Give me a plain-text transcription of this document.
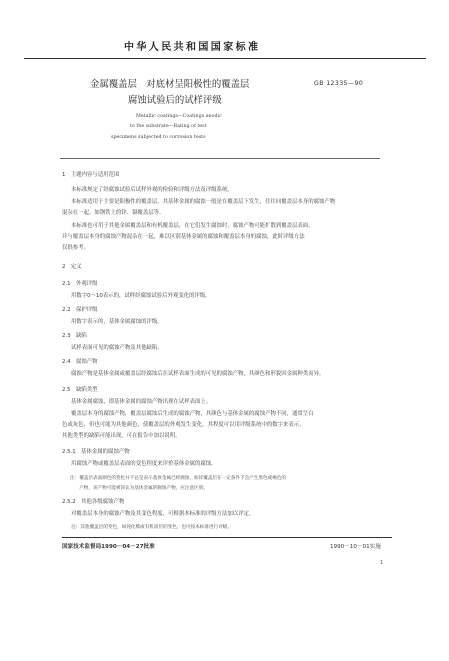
中华人民共和国国家标准
金属覆盖层　对底材呈阳极性的覆盖层
腐蚀试验后的试样评级
GB 12335—90
Metallic coatings—Coatings anodic
to the substrate—Rating of test
specimens subjected to corrosion tests
1　主题内容与适用范围
本标准规定了经腐蚀试验后试样外观的检验和评级方法及评级系统。
本标准适用于主要是阳极性的覆盖层，其基体金属的腐蚀一般是在覆盖层下发生，往往同覆盖层本身的腐蚀产物
混杂在一起，如钢铁上的锌、镉覆盖层等。
本标准也可用于其他金属覆盖层和有机覆盖层，在它们发生腐蚀时，腐蚀产物可能扩散到覆盖层表面，
并与覆盖层本身的腐蚀产物混杂在一起，难以区别基体金属的腐蚀和覆盖层本身的腐蚀，此时评级方法
仅供参考。
2　定义
2.1　外观评级
用数字0～10表示的，试样经腐蚀试验后外观变化的评级。
2.2　保护评级
用数字表示的，基体金属腐蚀的评级。
2.3　缺陷
试样表面可见的腐蚀产物及其他缺陷。
2.4　腐蚀产物
腐蚀产物是基体金属或覆盖层经腐蚀后在试样表面生成的可见的腐蚀产物，其颜色和形貌因金属种类而异。
2.5　缺陷类型
基体金属腐蚀，即基体金属的腐蚀产物出现在试样表面上。
覆盖层本身的腐蚀产物，覆盖层腐蚀后生成的腐蚀产物，其颜色与基体金属的腐蚀产物不同，通常呈白
色或灰色，但也可能为其他颜色，使覆盖层的外观发生变化，其程度可以用评级系统中的数字来表示。
其他类型的缺陷可能出现，可在报告中加以说明。
2.5.1　基体金属的腐蚀产物
用腐蚀产物或覆盖层表面的变色程度来评价基体金属的腐蚀。
注：覆盖层表面颜色的变化并不总是表示基体金属已经腐蚀，如锌覆盖层在一定条件下会产生黑色或褐色的
　　产物，该产物可能被误认为基体金属的腐蚀产物，应注意区别。
2.5.2　其他各级腐蚀产物
对覆盖层本身的腐蚀产物及其变色程度，可根据本标准的评级方法加以评定。
　　注：其他覆盖层的变色，如钝化膜或有机涂层的变色，也可按本标准进行评级。
国家技术监督局1990－04－27批准	1990－10－01实施
1
